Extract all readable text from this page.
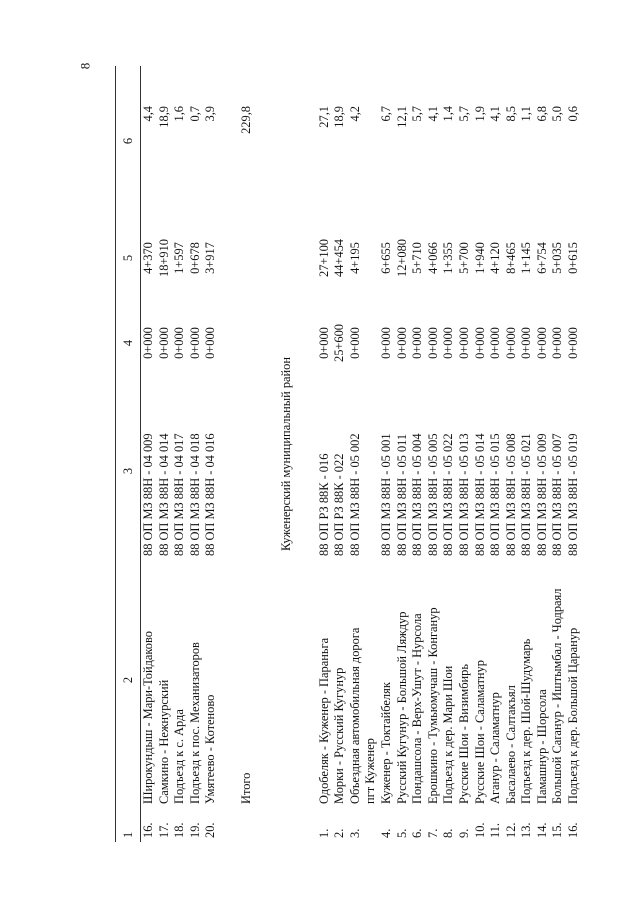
8
1	2	3	4	5	6
16.	Широкундыш - Мари-Тойдаково	88 ОП МЗ 88Н - 04 009	0+000	4+370	4,4
17.	Самкино - Нежнурский	88 ОП МЗ 88Н - 04 014	0+000	18+910	18,9
18.	Подъезд к с. Арда	88 ОП МЗ 88Н - 04 017	0+000	1+597	1,6
19.	Подъезд к пос. Механизаторов	88 ОП МЗ 88Н - 04 018	0+000	0+678	0,7
20.	Умятеево - Котеново	88 ОП МЗ 88Н - 04 016	0+000	3+917	3,9

	Итого				229,8

Куженерский муниципальный район					

1.	Одобеляк - Куженер - Параньга	88 ОП РЗ 88К - 016	0+000	27+100	27,1
2.	Морки - Русский Кугунур	88 ОП РЗ 88К - 022	25+600	44+454	18,9
3.	Объездная автомобильная дорога	88 ОП МЗ 88Н - 05 002	0+000	4+195	4,2
	пгт Куженер				
4.	Куженер - Токтайбеляк	88 ОП МЗ 88Н - 05 001	0+000	6+655	6,7
5.	Русский Кугунур - Большой Ляждур	88 ОП МЗ 88Н - 05 011	0+000	12+080	12,1
6.	Пондашсола - Верх-Ушут - Нурсола	88 ОП МЗ 88Н - 05 004	0+000	5+710	5,7
7.	Ерошкино - Тумьюмучаш - Конганур	88 ОП МЗ 88Н - 05 005	0+000	4+066	4,1
8.	Подъезд к дер. Мари Шои	88 ОП МЗ 88Н - 05 022	0+000	1+355	1,4
9.	Русские Шои - Визимбирь	88 ОП МЗ 88Н - 05 013	0+000	5+700	5,7
10.	Русские Шои - Саламатнур	88 ОП МЗ 88Н - 05 014	0+000	1+940	1,9
11.	Аганур - Саламатнур	88 ОП МЗ 88Н - 05 015	0+000	4+120	4,1
12.	Басалаево - Салтакъял	88 ОП МЗ 88Н - 05 008	0+000	8+465	8,5
13.	Подъезд к дер. Шой-Шудумарь	88 ОП МЗ 88Н - 05 021	0+000	1+145	1,1
14.	Памашнур - Шорсола	88 ОП МЗ 88Н - 05 009	0+000	6+754	6,8
15.	Большой Carанур - Иштымбал - Чодраял	88 ОП МЗ 88Н - 05 007	0+000	5+035	5,0
16.	Подъезд к дер. Большой Царанур	88 ОП МЗ 88Н - 05 019	0+000	0+615	0,6
